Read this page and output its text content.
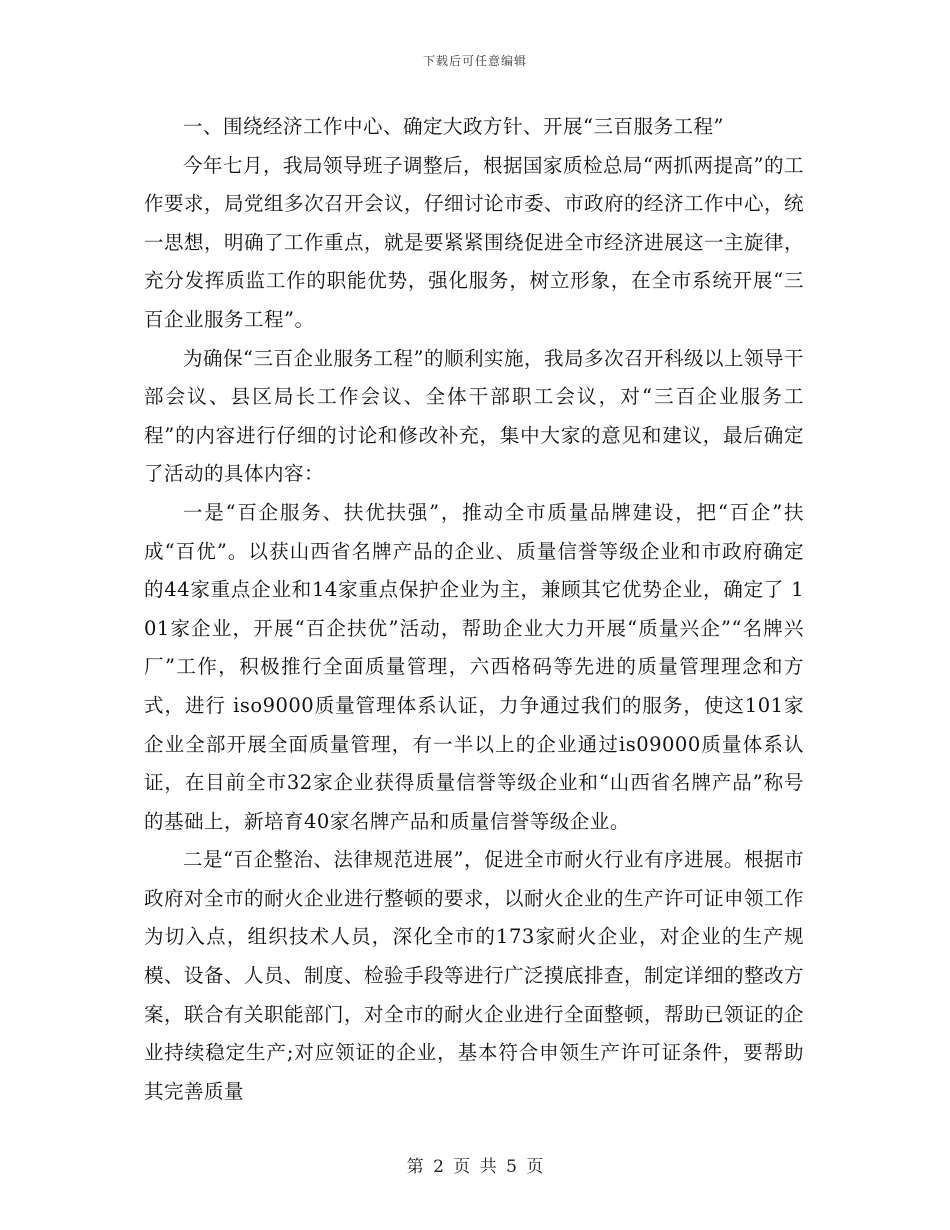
下载后可任意编辑

一、围绕经济工作中心、确定大政方针、开展“三百服务工程”

今年七月，我局领导班子调整后，根据国家质检总局“两抓两提高”的工作要求，局党组多次召开会议，仔细讨论市委、市政府的经济工作中心，统一思想，明确了工作重点，就是要紧紧围绕促进全市经济进展这一主旋律，充分发挥质监工作的职能优势，强化服务，树立形象，在全市系统开展“三百企业服务工程”。

为确保“三百企业服务工程”的顺利实施，我局多次召开科级以上领导干部会议、县区局长工作会议、全体干部职工会议，对“三百企业服务工程”的内容进行仔细的讨论和修改补充，集中大家的意见和建议，最后确定了活动的具体内容：

一是“百企服务、扶优扶强”，推动全市质量品牌建设，把“百企”扶成“百优”。以获山西省名牌产品的企业、质量信誉等级企业和市政府确定的44家重点企业和14家重点保护企业为主，兼顾其它优势企业，确定了 101家企业，开展“百企扶优”活动，帮助企业大力开展“质量兴企”“名牌兴厂”工作，积极推行全面质量管理，六西格码等先进的质量管理理念和方式，进行 iso9000质量管理体系认证，力争通过我们的服务，使这101家企业全部开展全面质量管理，有一半以上的企业通过is09000质量体系认证，在目前全市32家企业获得质量信誉等级企业和“山西省名牌产品”称号的基础上，新培育40家名牌产品和质量信誉等级企业。

二是“百企整治、法律规范进展”，促进全市耐火行业有序进展。根据市政府对全市的耐火企业进行整顿的要求，以耐火企业的生产许可证申领工作为切入点，组织技术人员，深化全市的173家耐火企业，对企业的生产规模、设备、人员、制度、检验手段等进行广泛摸底排查，制定详细的整改方案，联合有关职能部门，对全市的耐火企业进行全面整顿，帮助已领证的企业持续稳定生产;对应领证的企业，基本符合申领生产许可证条件，要帮助其完善质量

第 2 页 共 5 页
